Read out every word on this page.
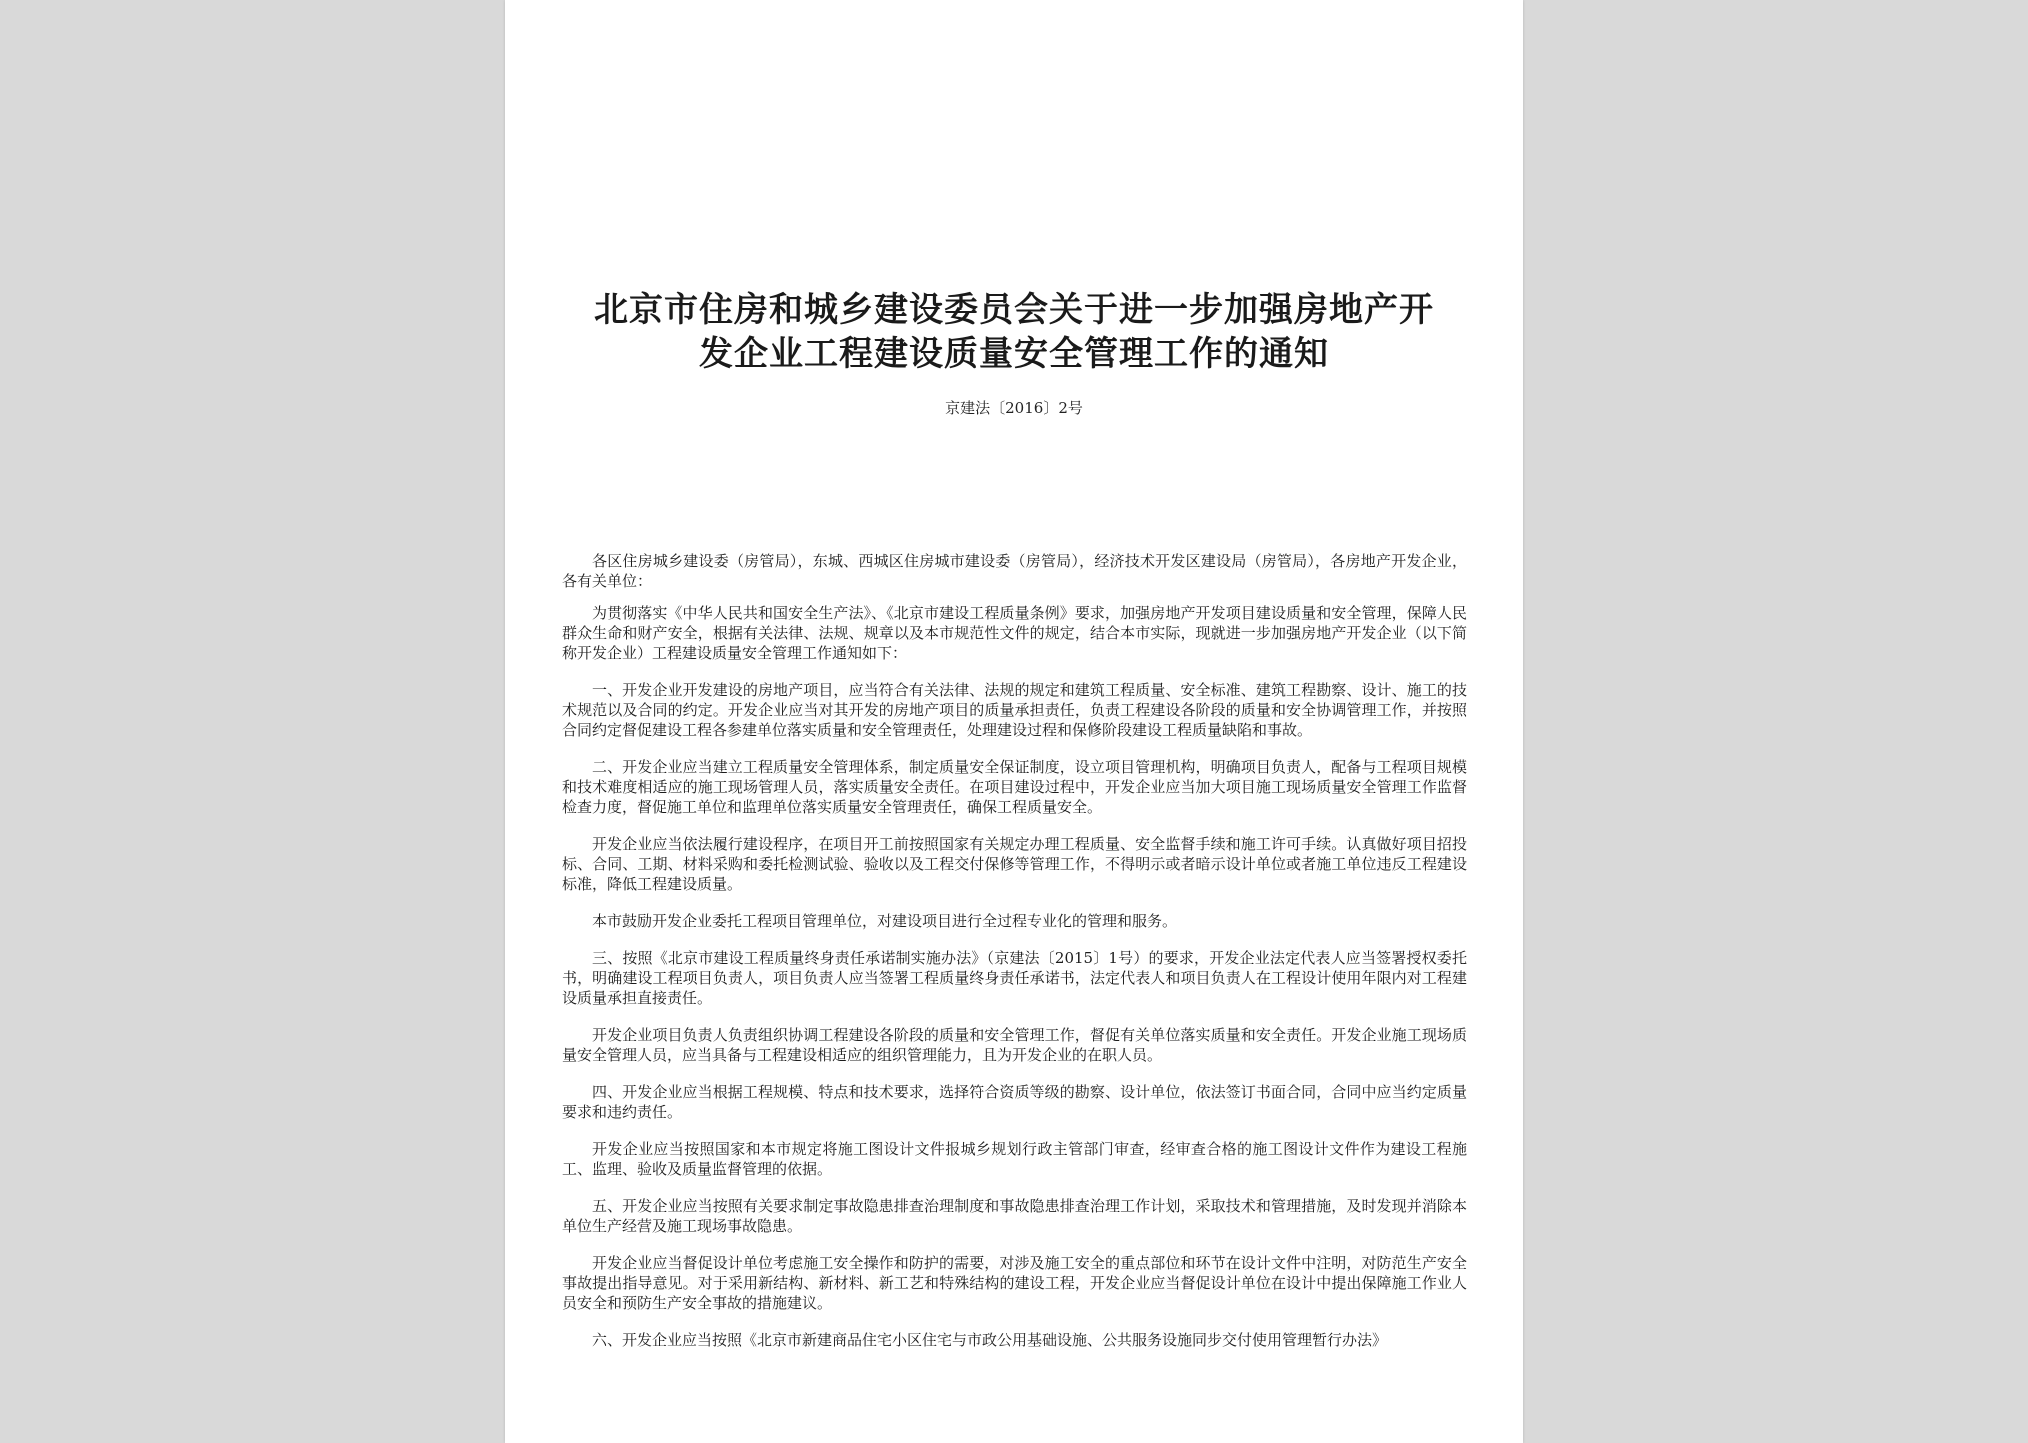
北京市住房和城乡建设委员会关于进一步加强房地产开
发企业工程建设质量安全管理工作的通知
京建法〔2016〕2号

各区住房城乡建设委（房管局），东城、西城区住房城市建设委（房管局），经济技术开发区建设局（房管局），各房地产开发企业，各有关单位：

为贯彻落实《中华人民共和国安全生产法》、《北京市建设工程质量条例》要求，加强房地产开发项目建设质量和安全管理，保障人民群众生命和财产安全，根据有关法律、法规、规章以及本市规范性文件的规定，结合本市实际，现就进一步加强房地产开发企业（以下简称开发企业）工程建设质量安全管理工作通知如下：

一、开发企业开发建设的房地产项目，应当符合有关法律、法规的规定和建筑工程质量、安全标准、建筑工程勘察、设计、施工的技术规范以及合同的约定。开发企业应当对其开发的房地产项目的质量承担责任，负责工程建设各阶段的质量和安全协调管理工作，并按照合同约定督促建设工程各参建单位落实质量和安全管理责任，处理建设过程和保修阶段建设工程质量缺陷和事故。

二、开发企业应当建立工程质量安全管理体系，制定质量安全保证制度，设立项目管理机构，明确项目负责人，配备与工程项目规模和技术难度相适应的施工现场管理人员，落实质量安全责任。在项目建设过程中，开发企业应当加大项目施工现场质量安全管理工作监督检查力度，督促施工单位和监理单位落实质量安全管理责任，确保工程质量安全。

开发企业应当依法履行建设程序，在项目开工前按照国家有关规定办理工程质量、安全监督手续和施工许可手续。认真做好项目招投标、合同、工期、材料采购和委托检测试验、验收以及工程交付保修等管理工作，不得明示或者暗示设计单位或者施工单位违反工程建设标准，降低工程建设质量。

本市鼓励开发企业委托工程项目管理单位，对建设项目进行全过程专业化的管理和服务。

三、按照《北京市建设工程质量终身责任承诺制实施办法》（京建法〔2015〕1号）的要求，开发企业法定代表人应当签署授权委托书，明确建设工程项目负责人，项目负责人应当签署工程质量终身责任承诺书，法定代表人和项目负责人在工程设计使用年限内对工程建设质量承担直接责任。

开发企业项目负责人负责组织协调工程建设各阶段的质量和安全管理工作，督促有关单位落实质量和安全责任。开发企业施工现场质量安全管理人员，应当具备与工程建设相适应的组织管理能力，且为开发企业的在职人员。

四、开发企业应当根据工程规模、特点和技术要求，选择符合资质等级的勘察、设计单位，依法签订书面合同，合同中应当约定质量要求和违约责任。

开发企业应当按照国家和本市规定将施工图设计文件报城乡规划行政主管部门审查，经审查合格的施工图设计文件作为建设工程施工、监理、验收及质量监督管理的依据。

五、开发企业应当按照有关要求制定事故隐患排查治理制度和事故隐患排查治理工作计划，采取技术和管理措施，及时发现并消除本单位生产经营及施工现场事故隐患。

开发企业应当督促设计单位考虑施工安全操作和防护的需要，对涉及施工安全的重点部位和环节在设计文件中注明，对防范生产安全事故提出指导意见。对于采用新结构、新材料、新工艺和特殊结构的建设工程，开发企业应当督促设计单位在设计中提出保障施工作业人员安全和预防生产安全事故的措施建议。

六、开发企业应当按照《北京市新建商品住宅小区住宅与市政公用基础设施、公共服务设施同步交付使用管理暂行办法》
